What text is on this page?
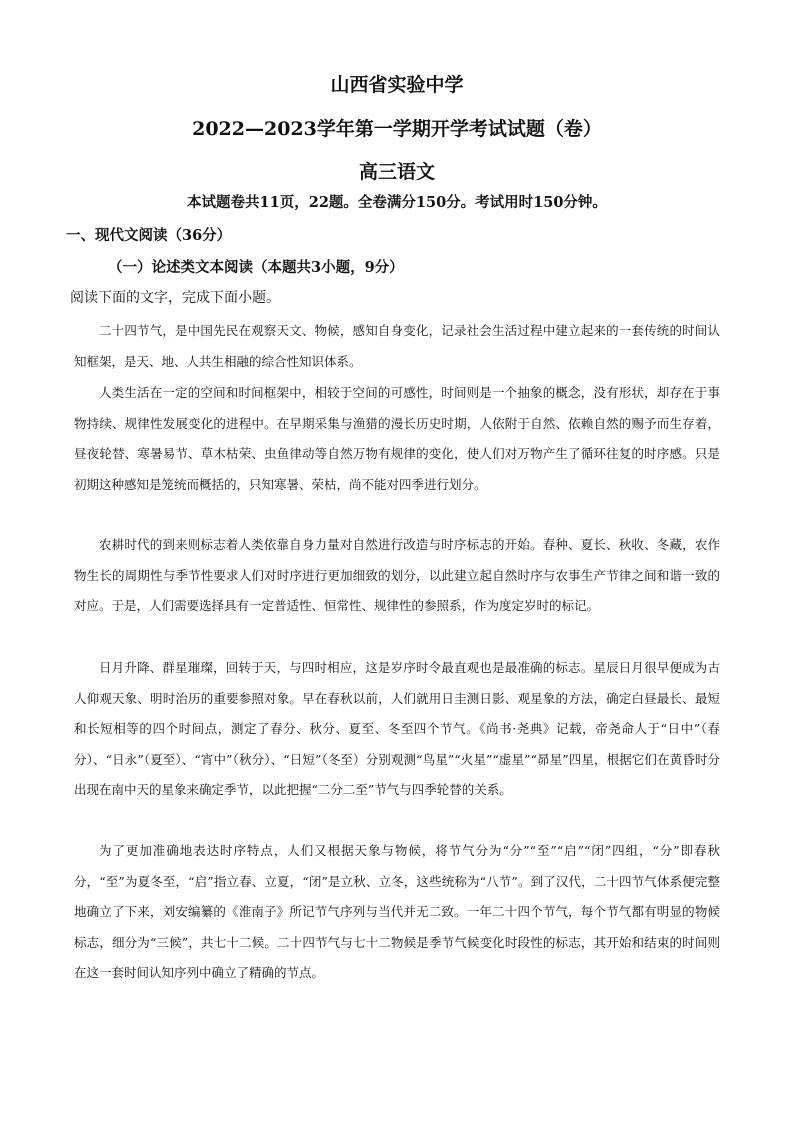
山西省实验中学
2022—2023学年第一学期开学考试试题（卷）
高三语文
本试题卷共11页，22题。全卷满分150分。考试用时150分钟。
一、现代文阅读（36分）
（一）论述类文本阅读（本题共3小题，9分）
阅读下面的文字，完成下面小题。

二十四节气，是中国先民在观察天文、物候，感知自身变化，记录社会生活过程中建立起来的一套传统的时间认知框架，是天、地、人共生相融的综合性知识体系。

人类生活在一定的空间和时间框架中，相较于空间的可感性，时间则是一个抽象的概念，没有形状，却存在于事物持续、规律性发展变化的进程中。在早期采集与渔猎的漫长历史时期，人依附于自然、依赖自然的赐予而生存着，昼夜轮替、寒暑易节、草木枯荣、虫鱼律动等自然万物有规律的变化，使人们对万物产生了循环往复的时序感。只是初期这种感知是笼统而概括的，只知寒暑、荣枯，尚不能对四季进行划分。

农耕时代的到来则标志着人类依靠自身力量对自然进行改造与时序标志的开始。春种、夏长、秋收、冬藏，农作物生长的周期性与季节性要求人们对时序进行更加细致的划分，以此建立起自然时序与农事生产节律之间和谐一致的对应。于是，人们需要选择具有一定普适性、恒常性、规律性的参照系，作为度定岁时的标记。

日月升降、群星璀璨，回转于天，与四时相应，这是岁序时令最直观也是最准确的标志。星辰日月很早便成为古人仰观天象、明时治历的重要参照对象。早在春秋以前，人们就用日圭测日影、观星象的方法，确定白昼最长、最短和长短相等的四个时间点，测定了春分、秋分、夏至、冬至四个节气。《尚书·尧典》记载，帝尧命人于“日中”（春分）、“日永”（夏至）、“宵中”（秋分）、“日短”（冬至）分别观测“鸟星”“火星”“虚星”“昴星”四星，根据它们在黄昏时分出现在南中天的星象来确定季节，以此把握“二分二至”节气与四季轮替的关系。

为了更加准确地表达时序特点，人们又根据天象与物候，将节气分为“分”“至”“启”“闭”四组，“分”即春秋分，“至”为夏冬至，“启”指立春、立夏，“闭”是立秋、立冬，这些统称为“八节”。到了汉代，二十四节气体系便完整地确立了下来，刘安编纂的《淮南子》所记节气序列与当代并无二致。一年二十四个节气，每个节气都有明显的物候标志，细分为“三候”，共七十二候。二十四节气与七十二物候是季节气候变化时段性的标志，其开始和结束的时间则在这一套时间认知序列中确立了精确的节点。
